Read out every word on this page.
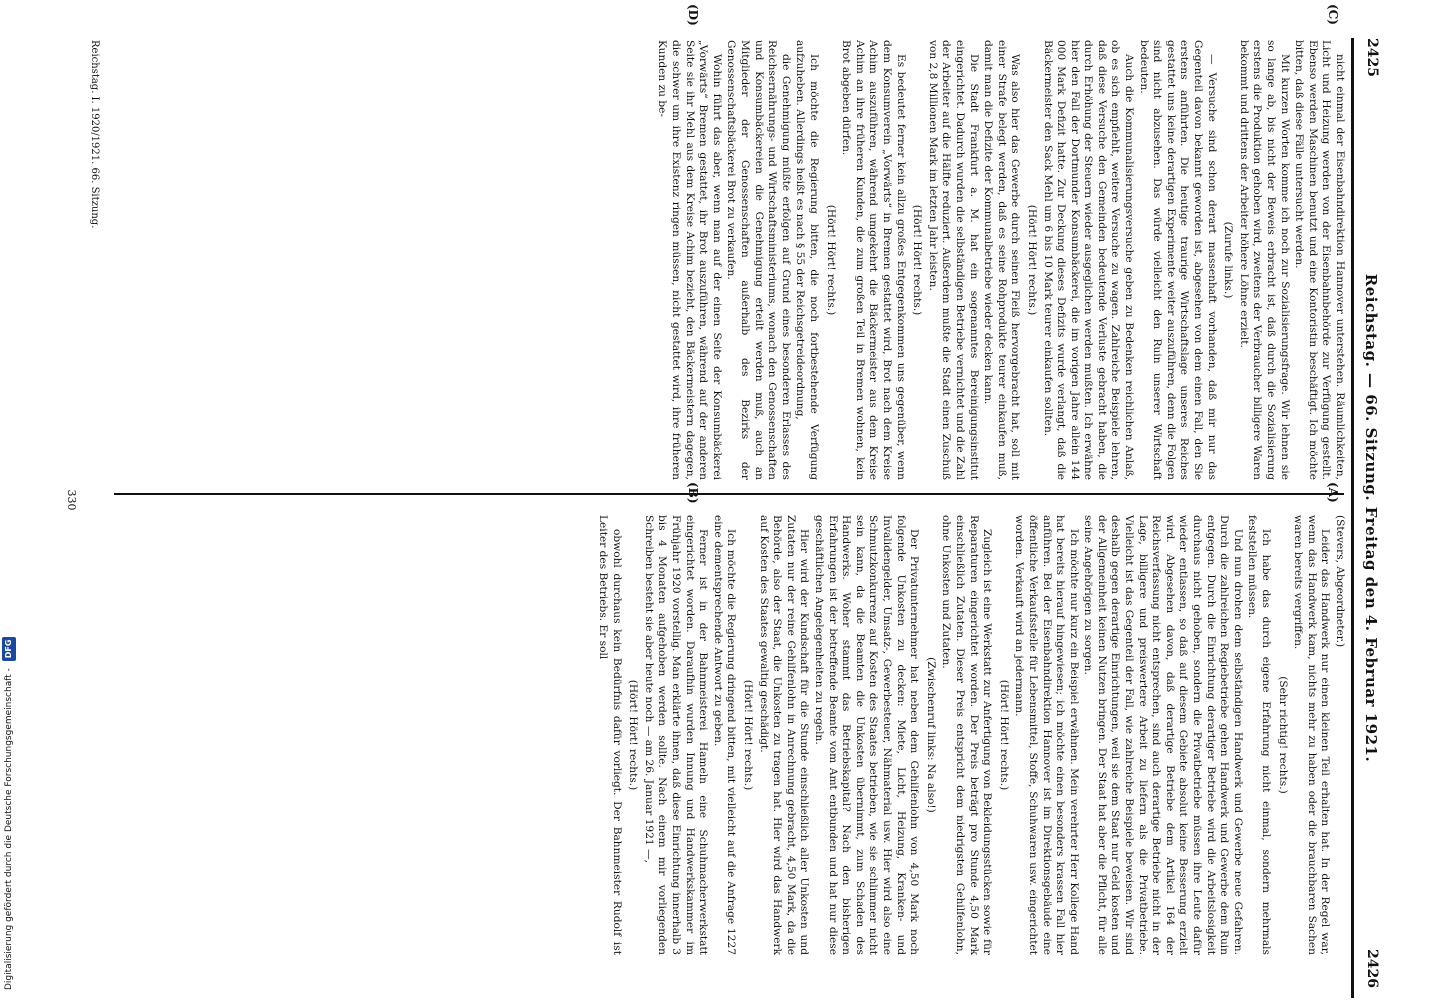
Digitalisierung gefördert durch die Deutsche Forschungsgemeinschaft - DFG
2425
Reichstag. — 66. Sitzung. Freitag den 4. Februar 1921.
2426
(C)
(D)

nicht einmal der Eisenbahndirektion Hannover unterstehen. Räumlichkeiten, Licht und Heizung werden von der Eisenbahnbehörde zur Verfügung gestellt. Ebenso werden Maschinen benutzt und eine Kontoristin beschäftigt. Ich möchte bitten, daß diese Fälle untersucht werden.

Mit kurzen Worten komme ich noch zur Sozialisierungsfrage. Wir lehnen sie so lange ab, bis nicht der Beweis erbracht ist, daß durch die Sozialisierung erstens die Produktion gehoben wird, zweitens der Verbraucher billigere Waren bekommt und drittens der Arbeiter höhere Löhne erzielt.

(Zurufe links.)

— Versuche sind schon derart massenhaft vorhanden, daß mir nur das Gegenteil davon bekannt geworden ist, abgesehen von dem einen Fall, den Sie erstens anführten. Die heutige traurige Wirtschaftslage unseres Reiches gestattet uns keine derartigen Experimente weiter auszuführen, denn die Folgen sind nicht abzusehen. Das würde vielleicht den Ruin unserer Wirtschaft bedeuten.

Auch die Kommunalisierungsversuche geben zu Bedenken reichlichen Anlaß, ob es sich empfiehlt, weitere Versuche zu wagen. Zahlreiche Beispiele lehren, daß diese Versuche den Gemeinden bedeutende Verluste gebracht haben, die durch Erhöhung der Steuern wieder ausgeglichen werden mußten. Ich erwähne hier den Fall der Dortmunder Konsumbäckerei, die im vorigen Jahre allein 144 000 Mark Defizit hatte. Zur Deckung dieses Defizits wurde verlangt, daß die Bäckermeister den Sack Mehl um 6 bis 10 Mark teurer einkaufen sollten.

(Hört! Hört! rechts.)

Was also hier das Gewerbe durch seinen Fleiß hervorgebracht hat, soll mit einer Strafe belegt werden, daß es seine Rohprodukte teurer einkaufen muß, damit man die Defizite der Kommunalbetriebe wieder decken kann.

Die Stadt Frankfurt a. M. hat ein sogenanntes Bereinigungsinstitut eingerichtet. Dadurch wurden die selbständigen Betriebe vernichtet und die Zahl der Arbeiter auf die Hälfte reduziert. Außerdem mußte die Stadt einen Zuschuß von 2,8 Millionen Mark im letzten Jahr leisten.

(Hört! Hört! rechts.)

Es bedeutet ferner kein allzu großes Entgegenkommen uns gegenüber, wenn dem Konsumverein „Vorwärts“ in Bremen gestattet wird, Brot nach dem Kreise Achim auszuführen, während umgekehrt die Bäckermeister aus dem Kreise Achim an ihre früheren Kunden, die zum großen Teil in Bremen wohnen, kein Brot abgeben dürfen.

(Hört! Hört! rechts.)

Ich möchte die Regierung bitten, die noch fortbestehende Verfügung aufzuheben. Allerdings heißt es nach § 55 der Reichsgetreideordnung,

die Genehmigung müßte erfolgen auf Grund eines besonderen Erlasses des Reichsernährungs- und Wirtschaftsministeriums, wonach den Genossenschaften und Konsumbäckereien die Genehmigung erteilt werden muß, auch an Mitglieder der Genossenschaften außerhalb des Bezirks der Genossenschaftsbäckerei Brot zu verkaufen.

Wohin führt das aber, wenn man auf der einen Seite der Konsumbäckerei „Vorwärts“ Bremen gestattet, ihr Brot auszuführen, während auf der anderen Seite sie ihr Mehl aus dem Kreise Achim bezieht, den Bäckermeistern dagegen, die schwer um ihre Existenz ringen müssen, nicht gestattet wird, ihre früheren Kunden zu be-

(Stevers, Abgeordneter.)

Leider das Handwerk nur einen kleinen Teil erhalten hat. In der Regel war, wenn das Handwerk kam, nichts mehr zu haben oder die brauchbaren Sachen waren bereits vergriffen.

(Sehr richtig! rechts.)

Ich habe das durch eigene Erfahrung nicht einmal, sondern mehrmals feststellen müssen.

Und nun drohen dem selbständigen Handwerk und Gewerbe neue Gefahren. Durch die zahlreichen Regiebetriebe gehen Handwerk und Gewerbe dem Ruin entgegen. Durch die Einrichtung derartiger Betriebe wird die Arbeitslosigkeit durchaus nicht gehoben, sondern die Privatbetriebe müssen ihre Leute dafür wieder entlassen, so daß auf diesem Gebiete absolut keine Besserung erzielt wird. Abgesehen davon, daß derartige Betriebe dem Artikel 164 der Reichsverfassung nicht entsprechen, sind auch derartige Betriebe nicht in der Lage, billigere und preiswertere Arbeit zu liefern als die Privatbetriebe. Vielleicht ist das Gegenteil der Fall, wie zahlreiche Beispiele beweisen. Wir sind deshalb gegen derartige Einrichtungen, weil sie dem Staat nur Geld kosten und der Allgemeinheit keinen Nutzen bringen. Der Staat hat aber die Pflicht, für alle seine Angehörigen zu sorgen.

Ich möchte nur kurz ein Beispiel erwähnen. Mein verehrter Herr Kollege Hand hat bereits hierauf hingewiesen; ich möchte einen besonders krassen Fall hier anführen. Bei der Eisenbahndirektion Hannover ist im Direktionsgebäude eine öffentliche Verkaufsstelle für Lebensmittel, Stoffe, Schuhwaren usw. eingerichtet worden. Verkauft wird an jedermann.

(Hört! Hört! rechts.)

Zugleich ist eine Werkstatt zur Anfertigung von Bekleidungsstücken sowie für Reparaturen eingerichtet worden. Der Preis beträgt pro Stunde 4,50 Mark einschließlich Zutaten. Dieser Preis entspricht dem niedrigsten Gehilfenlohn, ohne Unkosten und Zutaten.

(Zwischenruf links: Na also!)

Der Privatunternehmer hat neben dem Gehilfenlohn von 4,50 Mark noch folgende Unkosten zu decken: Miete, Licht, Heizung, Kranken- und Invalidengelder, Umsatz-, Gewerbesteuer, Nähmaterial usw. Hier wird also eine Schmutzkonkurrenz auf Kosten des Staates betrieben, wie sie schlimmer nicht sein kann, da die Beamten die Unkosten übernimmt, zum Schaden des Handwerks. Woher stammt das Betriebskapital? Nach den bisherigen Erfahrungen ist der betreffende Beamte vom Amt entbunden und hat nur diese geschäftlichen Angelegenheiten zu regeln.

Hier wird der Kundschaft für die Stunde einschließlich aller Unkosten und Zutaten nur der reine Gehilfenlohn in Anrechnung gebracht, 4,50 Mark, da die Behörde, also der Staat, die Unkosten zu tragen hat. Hier wird das Handwerk auf Kosten des Staates gewaltig geschädigt.

(Hört! Hört! rechts.)

Ich möchte die Regierung dringend bitten, mit vielleicht auf die Anfrage 1227 eine dementsprechende Antwort zu geben.

Ferner ist in der Bahnmeisterei Hameln eine Schuhmacherwerkstatt eingerichtet worden. Daraufhin wurden Innung und Handwerkskammer im Frühjahr 1920 vorstellig. Man erklärte ihnen, daß diese Einrichtung innerhalb 3 bis 4 Monaten aufgehoben werden sollte. Nach einem mir vorliegenden Schreiben besteht sie aber heute noch — am 26. Januar 1921 —,

(Hört! Hört! rechts.)

obwohl durchaus kein Bedürfnis dafür vorliegt. Der Bahnmeister Rudolf ist Leiter des Betriebs. Er soll

Reichstag. I. 1920/1921. 66. Sitzung.
330
